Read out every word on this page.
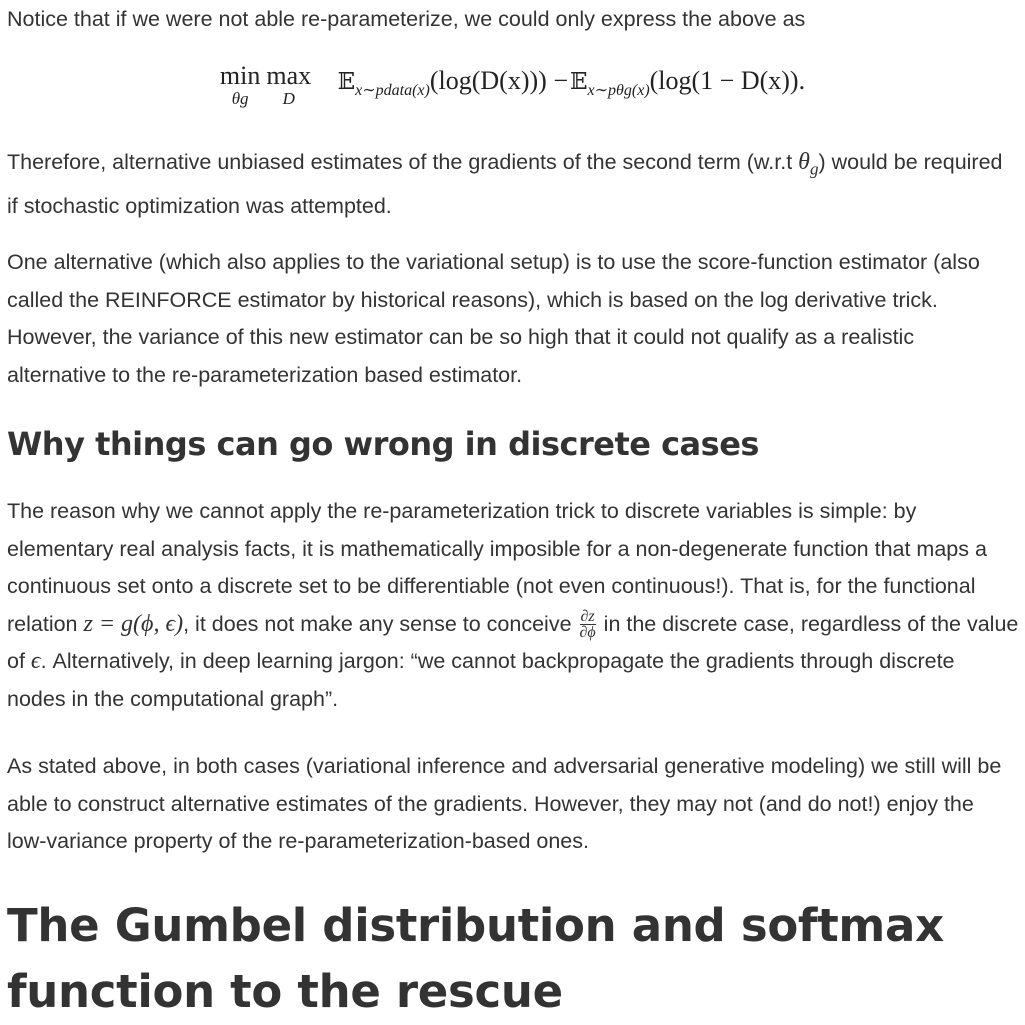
Notice that if we were not able re-parameterize, we could only express the above as

min
θg
max
D
𝔼$_{x\sim pdata(x)}$(log(D(x))) −𝔼$_{x\sim p\theta g(x)}$(log(1 − D(x)).

Therefore, alternative unbiased estimates of the gradients of the second term (w.r.t $\theta_g$) would be required if stochastic optimization was attempted.

One alternative (which also applies to the variational setup) is to use the score-function estimator (also called the REINFORCE estimator by historical reasons), which is based on the log derivative trick. However, the variance of this new estimator can be so high that it could not qualify as a realistic alternative to the re-parameterization based estimator.

Why things can go wrong in discrete cases

The reason why we cannot apply the re-parameterization trick to discrete variables is simple: by elementary real analysis facts, it is mathematically imposible for a non-degenerate function that maps a continuous set onto a discrete set to be differentiable (not even continuous!). That is, for the functional relation z = g(ϕ, ϵ), it does not make any sense to conceive $\frac{\partial z}{\partial\phi}$ in the discrete case, regardless of the value of ϵ. Alternatively, in deep learning jargon: “we cannot backpropagate the gradients through discrete nodes in the computational graph”.

As stated above, in both cases (variational inference and adversarial generative modeling) we still will be able to construct alternative estimates of the gradients. However, they may not (and do not!) enjoy the low-variance property of the re-parameterization-based ones.

The Gumbel distribution and softmax function to the rescue
